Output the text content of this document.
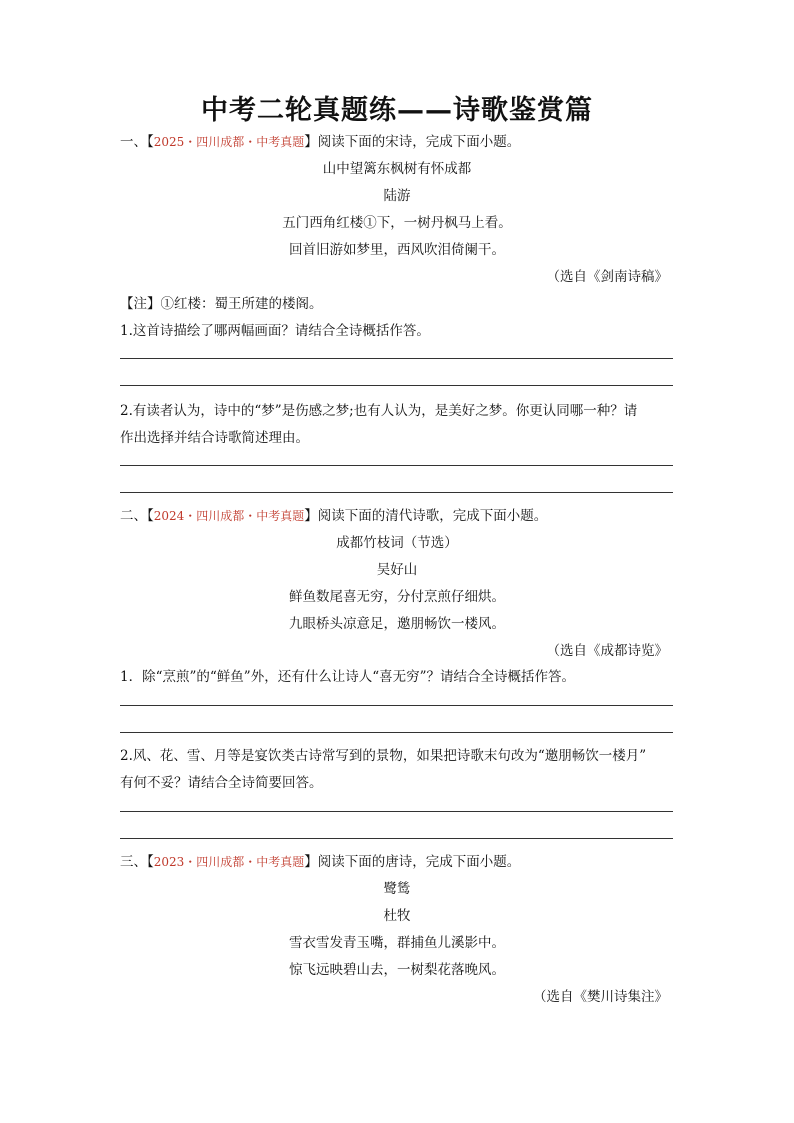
中考二轮真题练——诗歌鉴赏篇
一、【2025・四川成都・中考真题】阅读下面的宋诗，完成下面小题。
山中望篱东枫树有怀成都
陆游
五门西角红楼①下，一树丹枫马上看。
回首旧游如梦里，西风吹泪倚阑干。
（选自《剑南诗稿》
【注】①红楼：蜀王所建的楼阁。
1.这首诗描绘了哪两幅画面？请结合全诗概括作答。
2.有读者认为，诗中的“梦”是伤感之梦;也有人认为，是美好之梦。你更认同哪一种？请
作出选择并结合诗歌简述理由。
二、【2024・四川成都・中考真题】阅读下面的清代诗歌，完成下面小题。
成都竹枝词（节选）
吴好山
鲜鱼数尾喜无穷，分付烹煎仔细烘。
九眼桥头凉意足，邀朋畅饮一楼风。
（选自《成都诗览》
1．除“烹煎”的“鲜鱼”外，还有什么让诗人“喜无穷”？请结合全诗概括作答。
2.风、花、雪、月等是宴饮类古诗常写到的景物，如果把诗歌末句改为“邀朋畅饮一楼月”
有何不妥？请结合全诗简要回答。
三、【2023・四川成都・中考真题】阅读下面的唐诗，完成下面小题。
鹭鸶
杜牧
雪衣雪发青玉嘴，群捕鱼儿溪影中。
惊飞远映碧山去，一树梨花落晚风。
（选自《樊川诗集注》
